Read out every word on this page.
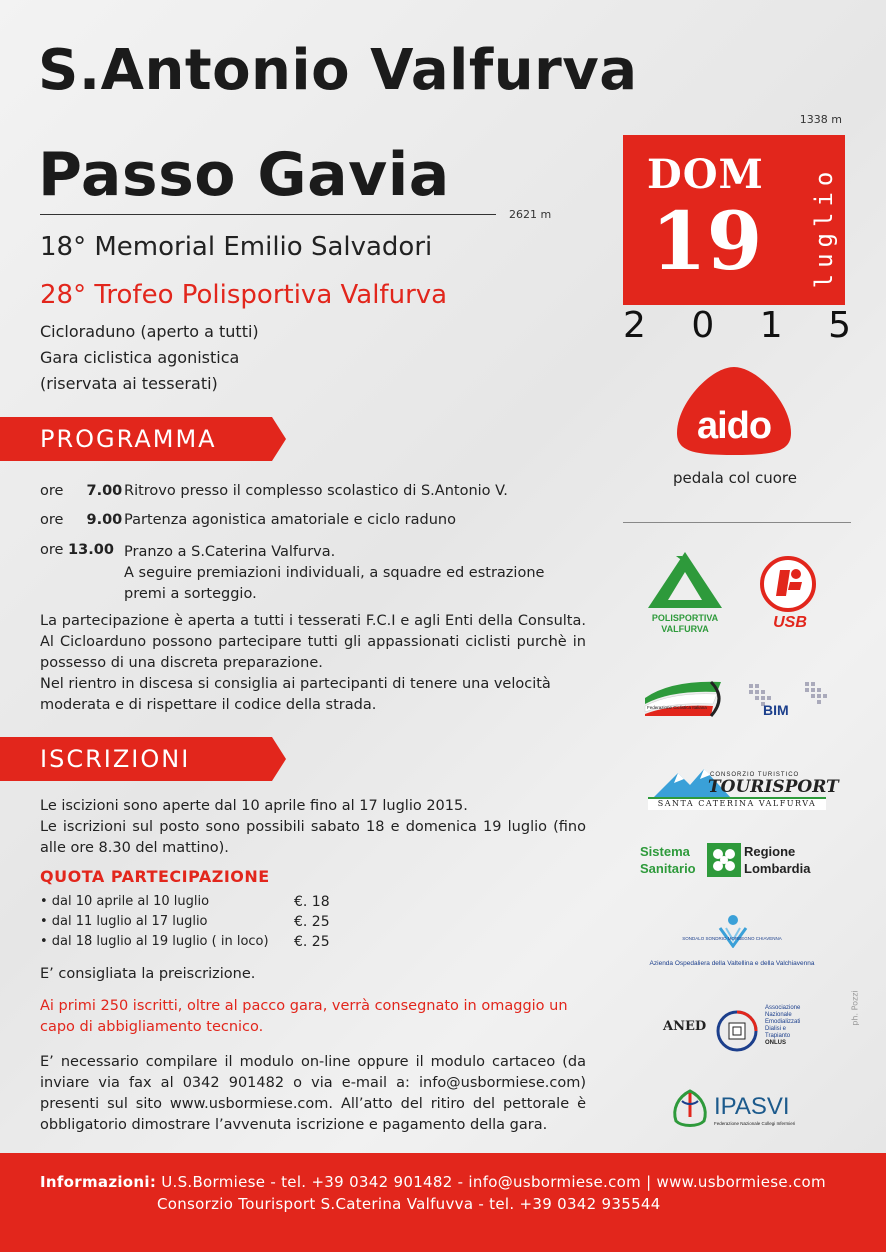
S.Antonio Valfurva
1338 m
Passo Gavia
2621 m
18° Memorial Emilio Salvadori
28° Trofeo Polisportiva Valfurva
Cicloraduno (aperto a tutti)
Gara ciclistica agonistica
(riservata ai tesserati)
DOM
19 luglio
2 0 1 5
aido
pedala col cuore
PROGRAMMA
ore 7.00 Ritrovo presso il complesso scolastico di S.Antonio V.
ore 9.00 Partenza agonistica amatoriale e ciclo raduno
ore 13.00 Pranzo a S.Caterina Valfurva.
A seguire premiazioni individuali, a squadre ed estrazione
premi a sorteggio.
La partecipazione è aperta a tutti i tesserati F.C.I e agli Enti della Consulta. Al Cicloarduno possono partecipare tutti gli appassionati ciclisti purchè in possesso di una discreta preparazione.
Nel rientro in discesa si consiglia ai partecipanti di tenere una velocità moderata e di rispettare il codice della strada.
ISCRIZIONI
Le iscizioni sono aperte dal 10 aprile fino al 17 luglio 2015.
Le iscrizioni sul posto sono possibili sabato 18 e domenica 19 luglio (fino alle ore 8.30 del mattino).
QUOTA PARTECIPAZIONE
• dal 10 aprile al 10 luglio	€. 18
• dal 11 luglio al 17 luglio	€. 25
• dal 18 luglio al 19 luglio ( in loco)	€. 25
E’ consigliata la preiscrizione.
Ai primi 250 iscritti, oltre al pacco gara, verrà consegnato in omaggio un capo di abbigliamento tecnico.
E’ necessario compilare il modulo on-line oppure il modulo cartaceo (da inviare via fax al 0342 901482 o via e-mail a: info@usbormiese.com) presenti sul sito www.usbormiese.com. All’atto del ritiro del pettorale è obbligatorio dimostrare l’avvenuta iscrizione e pagamento della gara.
POLISPORTIVA
VALFURVA	USB
Federazione Ciclistica Italiana	BIM
CONSORZIO TURISTICO
TOURISPORT
SANTA CATERINA VALFURVA
Sistema
Sanitario
Regione
Lombardia
SONDALO SONDRIO MORBEGNO CHIAVENNA
Azienda Ospedaliera della Valtellina e della Valchiavenna
ANED
Associazione
Nazionale
Emodializzati
Dialisi e
Trapianto
ONLUS
IPASVI
Federazione Nazionale Collegi Infermieri
ph. Pozzi
Informazioni: U.S.Bormiese - tel. +39 0342 901482 - info@usbormiese.com | www.usbormiese.com
Consorzio Tourisport S.Caterina Valfuvva - tel. +39 0342 935544
